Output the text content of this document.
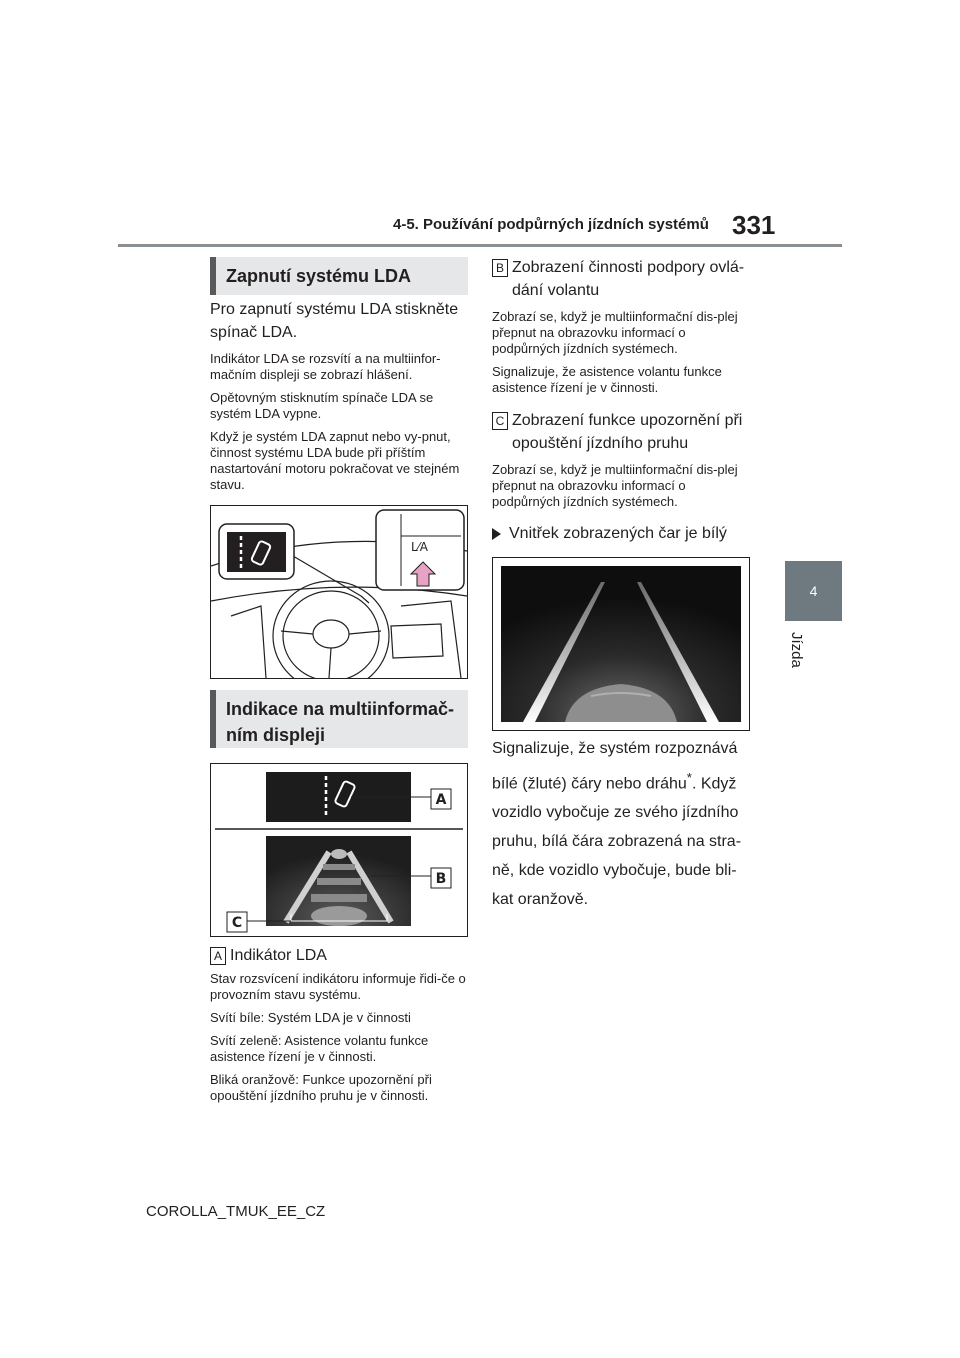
4-5. Používání podpůrných jízdních systémů 331
4
Jízda
Zapnutí systému LDA

Pro zapnutí systému LDA stiskněte spínač LDA.

Indikátor LDA se rozsvítí a na multiinfor-mačním displeji se zobrazí hlášení.

Opětovným stisknutím spínače LDA se systém LDA vypne.

Když je systém LDA zapnut nebo vy-pnut, činnost systému LDA bude při příštím nastartování motoru pokračovat ve stejném stavu.

L⁄A
Indikace na multiinformač-ním displeji
A
B
C

A Indikátor LDA

Stav rozsvícení indikátoru informuje řidi-če o provozním stavu systému.

Svítí bíle: Systém LDA je v činnosti

Svítí zeleně: Asistence volantu funkce asistence řízení je v činnosti.

Bliká oranžově: Funkce upozornění při opouštění jízdního pruhu je v činnosti.

B Zobrazení činnosti podpory ovlá-dání volantu

Zobrazí se, když je multiinformační dis-plej přepnut na obrazovku informací o podpůrných jízdních systémech.

Signalizuje, že asistence volantu funkce asistence řízení je v činnosti.

C Zobrazení funkce upozornění při opouštění jízdního pruhu

Zobrazí se, když je multiinformační dis-plej přepnut na obrazovku informací o podpůrných jízdních systémech.

Vnitřek zobrazených čar je bílý
Signalizuje, že systém rozpoznává bílé (žluté) čáry nebo dráhu*. Když vozidlo vybočuje ze svého jízdního pruhu, bílá čára zobrazená na stra-ně, kde vozidlo vybočuje, bude bli-kat oranžově.
COROLLA_TMUK_EE_CZ
